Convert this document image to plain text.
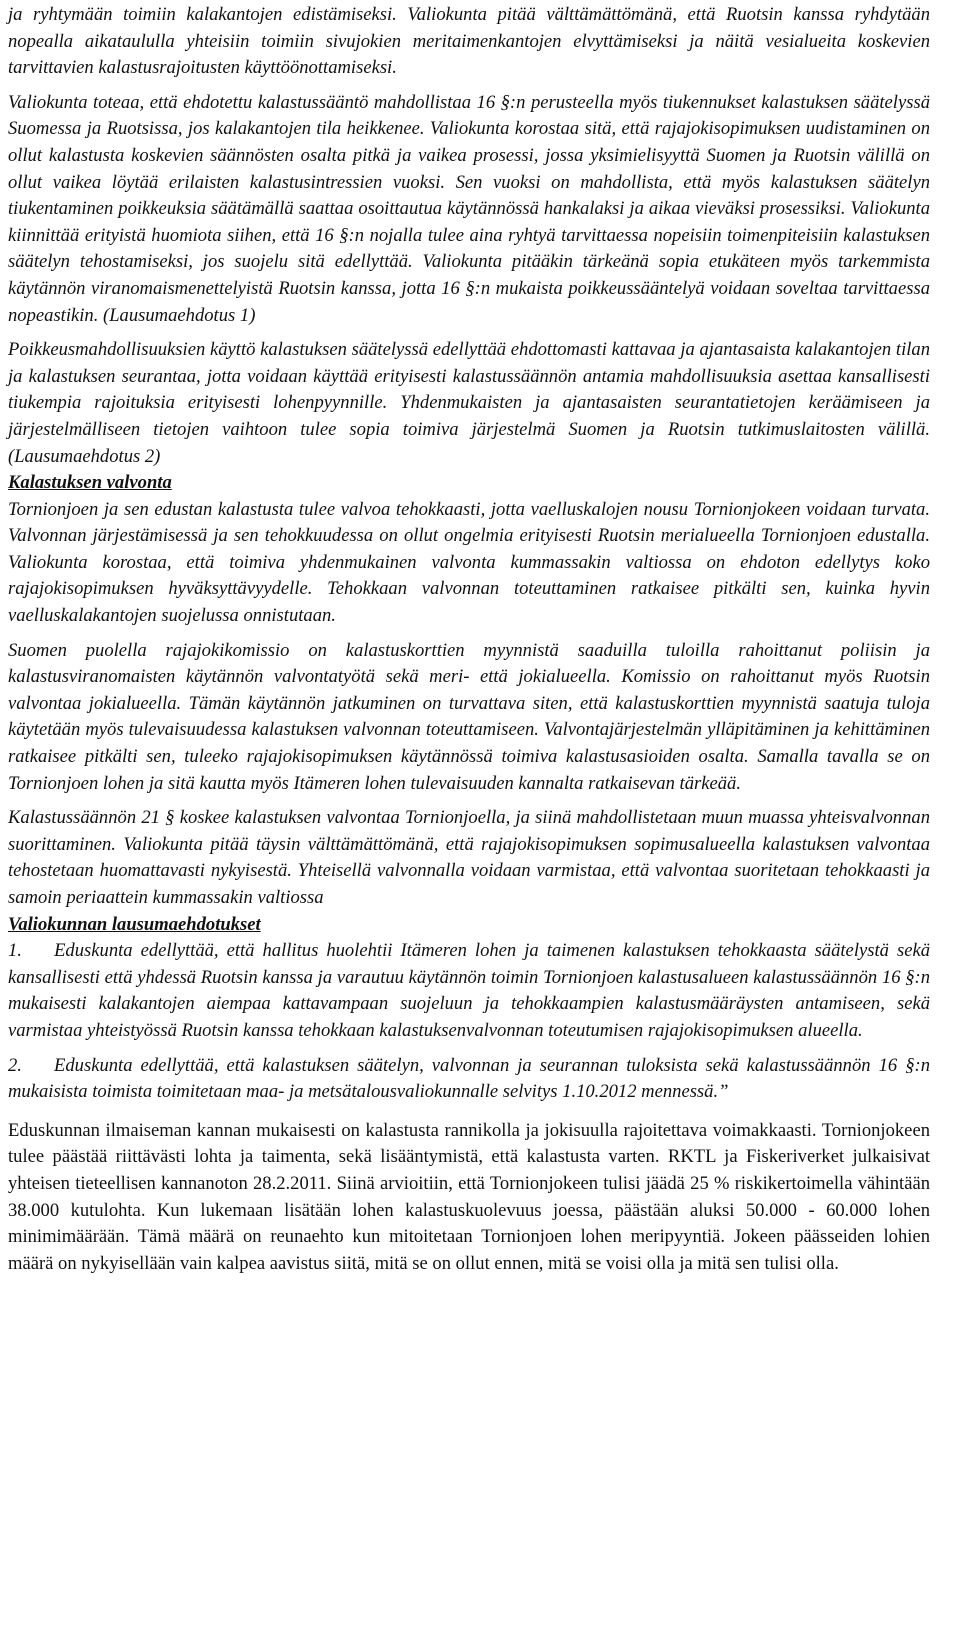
ja ryhtymään toimiin kalakantojen edistämiseksi. Valiokunta pitää välttämättömänä, että Ruotsin kanssa ryhdytään nopealla aikataululla yhteisiin toimiin sivujokien meritaimenkantojen elvyttämiseksi ja näitä vesialueita koskevien tarvittavien kalastusrajoitusten käyttöönottamiseksi.

Valiokunta toteaa, että ehdotettu kalastussääntö mahdollistaa 16 §:n perusteella myös tiukennukset kalastuksen säätelyssä Suomessa ja Ruotsissa, jos kalakantojen tila heikkenee. Valiokunta korostaa sitä, että rajajokisopimuksen uudistaminen on ollut kalastusta koskevien säännösten osalta pitkä ja vaikea prosessi, jossa yksimielisyyttä Suomen ja Ruotsin välillä on ollut vaikea löytää erilaisten kalastusintressien vuoksi. Sen vuoksi on mahdollista, että myös kalastuksen säätelyn tiukentaminen poikkeuksia säätämällä saattaa osoittautua käytännössä hankalaksi ja aikaa vieväksi prosessiksi. Valiokunta kiinnittää erityistä huomiota siihen, että 16 §:n nojalla tulee aina ryhtyä tarvittaessa nopeisiin toimenpiteisiin kalastuksen säätelyn tehostamiseksi, jos suojelu sitä edellyttää. Valiokunta pitääkin tärkeänä sopia etukäteen myös tarkemmista käytännön viranomaismenettelyistä Ruotsin kanssa, jotta 16 §:n mukaista poikkeussääntelyä voidaan soveltaa tarvittaessa nopeastikin. (Lausumaehdotus 1)

Poikkeusmahdollisuuksien käyttö kalastuksen säätelyssä edellyttää ehdottomasti kattavaa ja ajantasaista kalakantojen tilan ja kalastuksen seurantaa, jotta voidaan käyttää erityisesti kalastussäännön antamia mahdollisuuksia asettaa kansallisesti tiukempia rajoituksia erityisesti lohenpyynnille. Yhdenmukaisten ja ajantasaisten seurantatietojen keräämiseen ja järjestelmälliseen tietojen vaihtoon tulee sopia toimiva järjestelmä Suomen ja Ruotsin tutkimuslaitosten välillä. (Lausumaehdotus 2)

Kalastuksen valvonta

Tornionjoen ja sen edustan kalastusta tulee valvoa tehokkaasti, jotta vaelluskalojen nousu Tornionjokeen voidaan turvata. Valvonnan järjestämisessä ja sen tehokkuudessa on ollut ongelmia erityisesti Ruotsin merialueella Tornionjoen edustalla. Valiokunta korostaa, että toimiva yhdenmukainen valvonta kummassakin valtiossa on ehdoton edellytys koko rajajokisopimuksen hyväksyttävyydelle. Tehokkaan valvonnan toteuttaminen ratkaisee pitkälti sen, kuinka hyvin vaelluskalakantojen suojelussa onnistutaan.

Suomen puolella rajajokikomissio on kalastuskorttien myynnistä saaduilla tuloilla rahoittanut poliisin ja kalastusviranomaisten käytännön valvontatyötä sekä meri- että jokialueella. Komissio on rahoittanut myös Ruotsin valvontaa jokialueella. Tämän käytännön jatkuminen on turvattava siten, että kalastuskorttien myynnistä saatuja tuloja käytetään myös tulevaisuudessa kalastuksen valvonnan toteuttamiseen. Valvontajärjestelmän ylläpitäminen ja kehittäminen ratkaisee pitkälti sen, tuleeko rajajokisopimuksen käytännössä toimiva kalastusasioiden osalta. Samalla tavalla se on Tornionjoen lohen ja sitä kautta myös Itämeren lohen tulevaisuuden kannalta ratkaisevan tärkeää.

Kalastussäännön 21 § koskee kalastuksen valvontaa Tornionjoella, ja siinä mahdollistetaan muun muassa yhteisvalvonnan suorittaminen. Valiokunta pitää täysin välttämättömänä, että rajajokisopimuksen sopimusalueella kalastuksen valvontaa tehostetaan huomattavasti nykyisestä. Yhteisellä valvonnalla voidaan varmistaa, että valvontaa suoritetaan tehokkaasti ja samoin periaattein kummassakin valtiossa

Valiokunnan lausumaehdotukset

1. Eduskunta edellyttää, että hallitus huolehtii Itämeren lohen ja taimenen kalastuksen tehokkaasta säätelystä sekä kansallisesti että yhdessä Ruotsin kanssa ja varautuu käytännön toimin Tornionjoen kalastusalueen kalastussäännön 16 §:n mukaisesti kalakantojen aiempaa kattavampaan suojeluun ja tehokkaampien kalastusmääräysten antamiseen, sekä varmistaa yhteistyössä Ruotsin kanssa tehokkaan kalastuksenvalvonnan toteutumisen rajajokisopimuksen alueella.

2. Eduskunta edellyttää, että kalastuksen säätelyn, valvonnan ja seurannan tuloksista sekä kalastussäännön 16 §:n mukaisista toimista toimitetaan maa- ja metsätalousvaliokunnalle selvitys 1.10.2012 mennessä.”

Eduskunnan ilmaiseman kannan mukaisesti on kalastusta rannikolla ja jokisuulla rajoitettava voimakkaasti. Tornionjokeen tulee päästää riittävästi lohta ja taimenta, sekä lisääntymistä, että kalastusta varten. RKTL ja Fiskeriverket julkaisivat yhteisen tieteellisen kannanoton 28.2.2011. Siinä arvioitiin, että Tornionjokeen tulisi jäädä 25 % riskikertoimella vähintään 38.000 kutulohta. Kun lukemaan lisätään lohen kalastuskuolevuus joessa, päästään aluksi 50.000 - 60.000 lohen minimimäärään. Tämä määrä on reunaehto kun mitoitetaan Tornionjoen lohen meripyyntiä. Jokeen päässeiden lohien määrä on nykyisellään vain kalpea aavistus siitä, mitä se on ollut ennen, mitä se voisi olla ja mitä sen tulisi olla.
